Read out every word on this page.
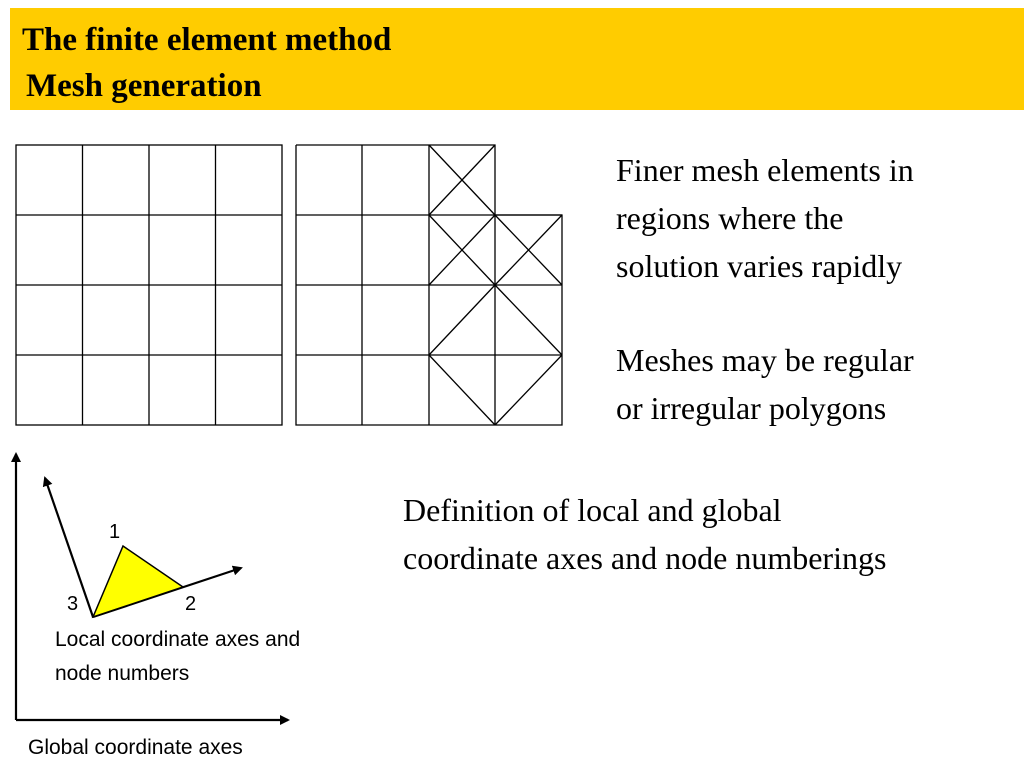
The finite element method
Mesh generation
1
2
3
Local coordinate axes and
node numbers
Global coordinate axes
Finer mesh elements in
regions where the
solution varies rapidly
Meshes may be regular
or irregular polygons
Definition of local and global
coordinate axes and node numberings
